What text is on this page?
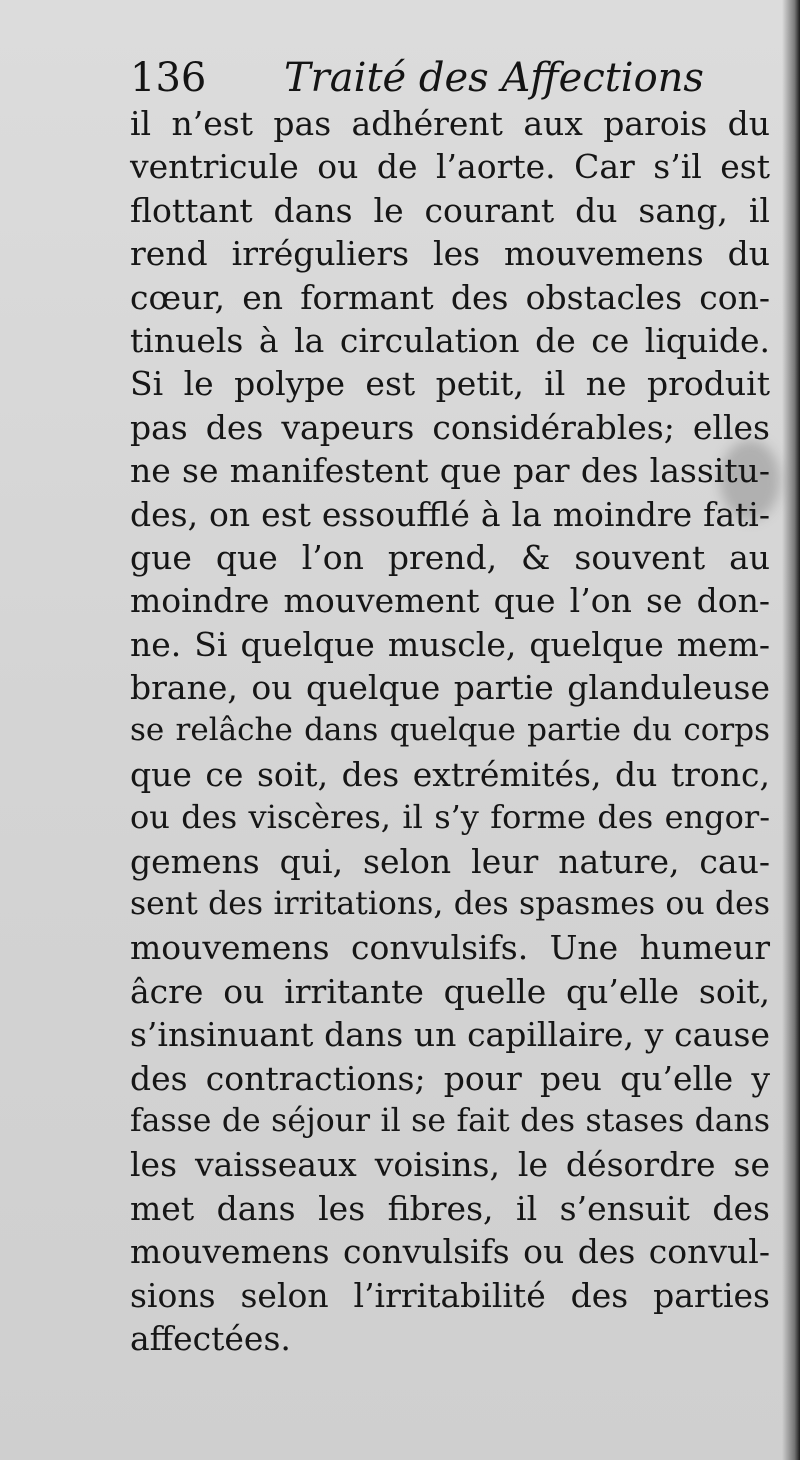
136 Traité des Affections
il n’est pas adhérent aux parois du
ventricule ou de l’aorte. Car s’il est
flottant dans le courant du sang, il
rend irréguliers les mouvemens du
cœur, en formant des obstacles con-
tinuels à la circulation de ce liquide.
Si le polype est petit, il ne produit
pas des vapeurs considérables; elles
ne se manifestent que par des lassitu-
des, on est essoufflé à la moindre fati-
gue que l’on prend, & souvent au
moindre mouvement que l’on se don-
ne. Si quelque muscle, quelque mem-
brane, ou quelque partie glanduleuse
se relâche dans quelque partie du corps
que ce soit, des extrémités, du tronc,
ou des viscères, il s’y forme des engor-
gemens qui, selon leur nature, cau-
sent des irritations, des spasmes ou des
mouvemens convulsifs. Une humeur
âcre ou irritante quelle qu’elle soit,
s’insinuant dans un capillaire, y cause
des contractions; pour peu qu’elle y
fasse de séjour il se fait des stases dans
les vaisseaux voisins, le désordre se
met dans les fibres, il s’ensuit des
mouvemens convulsifs ou des convul-
sions selon l’irritabilité des parties
affectées.
